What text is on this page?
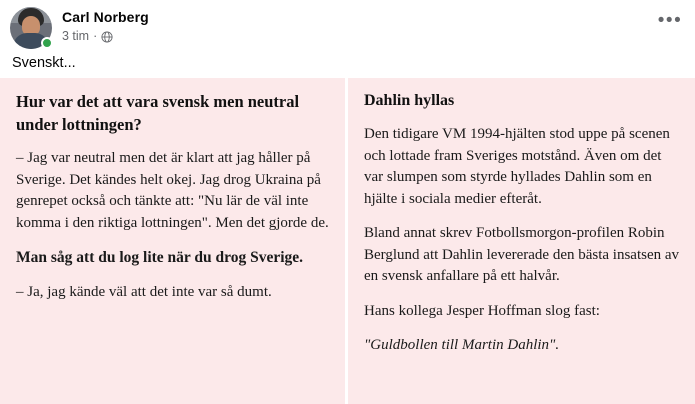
Carl Norberg
3 tim ·
•••
Svenskt...
Hur var det att vara svensk men neutral under lottningen?

– Jag var neutral men det är klart att jag håller på Sverige. Det kändes helt okej. Jag drog Ukraina på genrepet också och tänkte att: "Nu lär de väl inte komma i den riktiga lottningen". Men det gjorde de.

Man såg att du log lite när du drog Sverige.

– Ja, jag kände väl att det inte var så dumt.

Dahlin hyllas

Den tidigare VM 1994-hjälten stod uppe på scenen och lottade fram Sveriges motstånd. Även om det var slumpen som styrde hyllades Dahlin som en hjälte i sociala medier efteråt.

Bland annat skrev Fotbollsmorgon-profilen Robin Berglund att Dahlin levererade den bästa insatsen av en svensk anfallare på ett halvår.

Hans kollega Jesper Hoffman slog fast:

"Guldbollen till Martin Dahlin".
